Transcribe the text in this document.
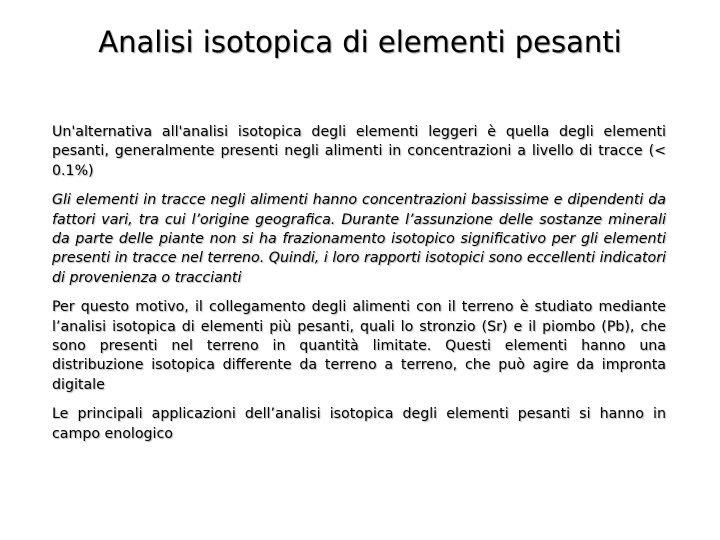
Analisi isotopica di elementi pesanti

Un'alternativa all'analisi isotopica degli elementi leggeri è quella degli elementi pesanti, generalmente presenti negli alimenti in concentrazioni a livello di tracce (< 0.1%)

Gli elementi in tracce negli alimenti hanno concentrazioni bassissime e dipendenti da fattori vari, tra cui l’origine geografica. Durante l’assunzione delle sostanze minerali da parte delle piante non si ha frazionamento isotopico significativo per gli elementi presenti in tracce nel terreno. Quindi, i loro rapporti isotopici sono eccellenti indicatori di provenienza o traccianti

Per questo motivo, il collegamento degli alimenti con il terreno è studiato mediante l’analisi isotopica di elementi più pesanti, quali lo stronzio (Sr) e il piombo (Pb), che sono presenti nel terreno in quantità limitate. Questi elementi hanno una distribuzione isotopica differente da terreno a terreno, che può agire da impronta digitale

Le principali applicazioni dell’analisi isotopica degli elementi pesanti si hanno in campo enologico
